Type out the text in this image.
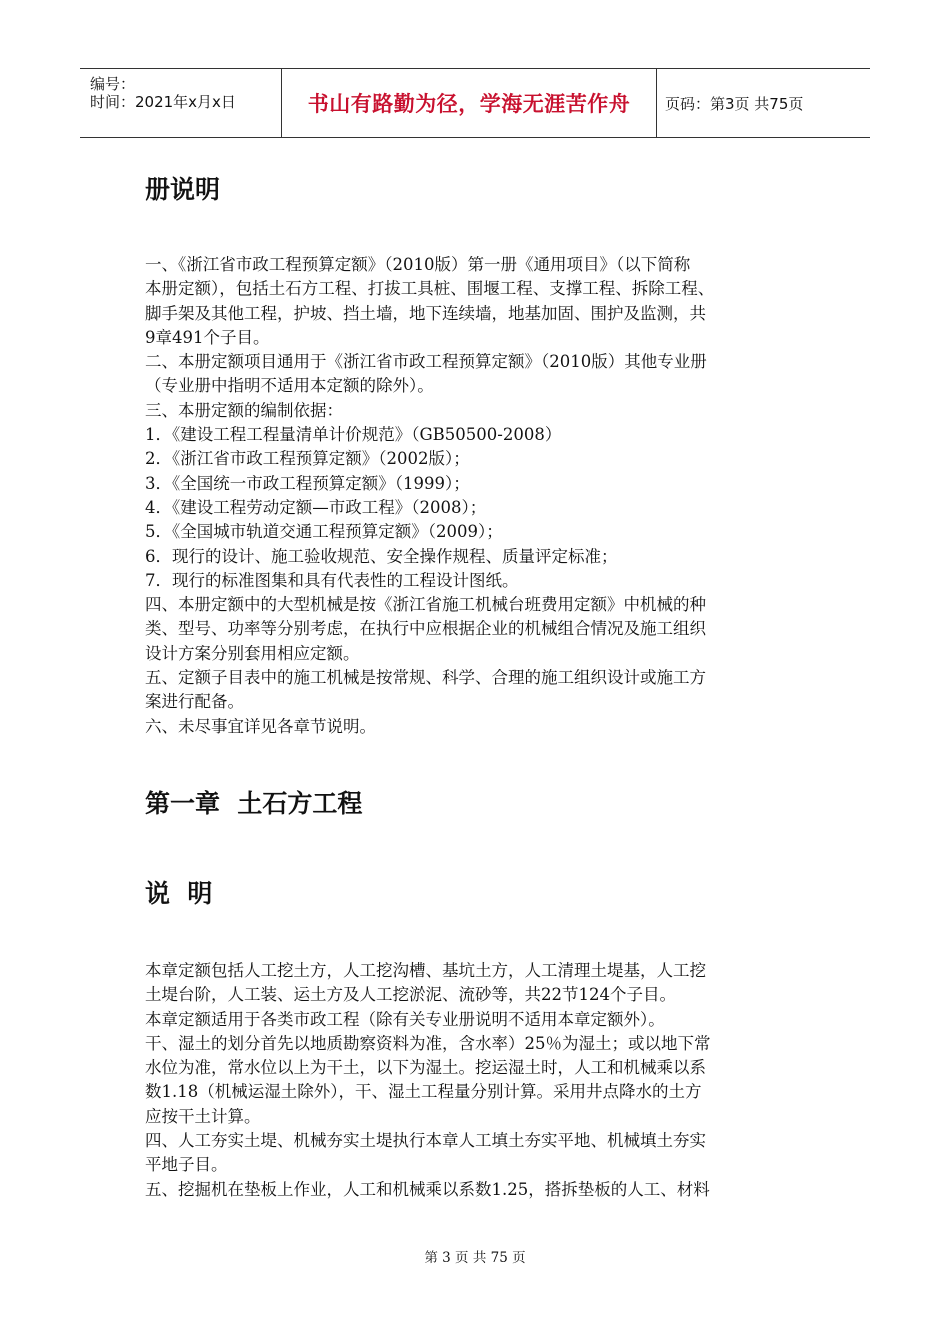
编号：
时间：2021年x月x日	书山有路勤为径，学海无涯苦作舟 页码：第3页 共75页
册说明

一、《浙江省市政工程预算定额》（2010版）第一册《通用项目》（以下简称

本册定额），包括土石方工程、打拔工具桩、围堰工程、支撑工程、拆除工程、

脚手架及其他工程，护坡、挡土墙，地下连续墙，地基加固、围护及监测，共

9章491个子目。

二、本册定额项目通用于《浙江省市政工程预算定额》（2010版）其他专业册

（专业册中指明不适用本定额的除外）。

三、本册定额的编制依据：

1．《建设工程工程量清单计价规范》（GB50500-2008）

2．《浙江省市政工程预算定额》（2002版）；

3．《全国统一市政工程预算定额》（1999）；

4．《建设工程劳动定额—市政工程》（2008）；

5．《全国城市轨道交通工程预算定额》（2009）；

6．现行的设计、施工验收规范、安全操作规程、质量评定标准；

7．现行的标准图集和具有代表性的工程设计图纸。

四、本册定额中的大型机械是按《浙江省施工机械台班费用定额》中机械的种

类、型号、功率等分别考虑，在执行中应根据企业的机械组合情况及施工组织

设计方案分别套用相应定额。

五、定额子目表中的施工机械是按常规、科学、合理的施工组织设计或施工方

案进行配备。

六、未尽事宜详见各章节说明。

第一章  土石方工程
说  明

本章定额包括人工挖土方，人工挖沟槽、基坑土方，人工清理土堤基，人工挖

土堤台阶，人工装、运土方及人工挖淤泥、流砂等，共22节124个子目。

本章定额适用于各类市政工程（除有关专业册说明不适用本章定额外）。

干、湿土的划分首先以地质勘察资料为准，含水率）25％为湿土；或以地下常

水位为准，常水位以上为干土，以下为湿土。挖运湿土时，人工和机械乘以系

数1.18（机械运湿土除外），干、湿土工程量分别计算。采用井点降水的土方

应按干土计算。

四、人工夯实土堤、机械夯实土堤执行本章人工填土夯实平地、机械填土夯实

平地子目。

五、挖掘机在垫板上作业，人工和机械乘以系数1.25，搭拆垫板的人工、材料

第 3 页 共 75 页
